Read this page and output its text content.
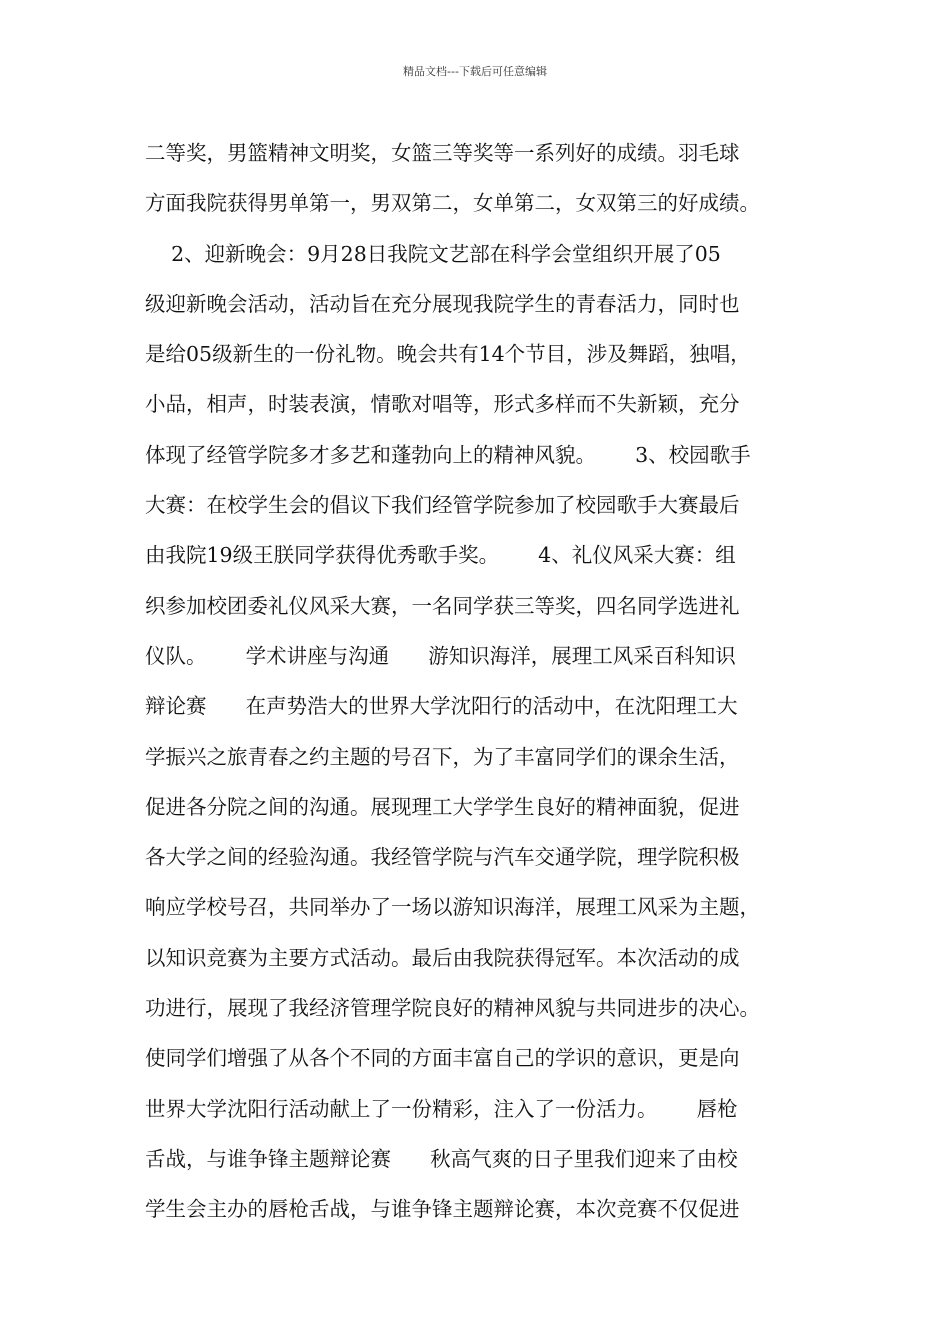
精品文档---下载后可任意编辑
二等奖，男篮精神文明奖，女篮三等奖等一系列好的成绩。羽毛球
方面我院获得男单第一，男双第二，女单第二，女双第三的好成绩。
2、迎新晚会：9月28日我院文艺部在科学会堂组织开展了05
级迎新晚会活动，活动旨在充分展现我院学生的青春活力，同时也
是给05级新生的一份礼物。晚会共有14个节目，涉及舞蹈，独唱，
小品，相声，时装表演，情歌对唱等，形式多样而不失新颖，充分
体现了经管学院多才多艺和蓬勃向上的精神风貌。      3、校园歌手
大赛：在校学生会的倡议下我们经管学院参加了校园歌手大赛最后
由我院19级王朕同学获得优秀歌手奖。      4、礼仪风采大赛：组
织参加校团委礼仪风采大赛，一名同学获三等奖，四名同学选进礼
仪队。      学术讲座与沟通      游知识海洋，展理工风采百科知识
辩论赛      在声势浩大的世界大学沈阳行的活动中，在沈阳理工大
学振兴之旅青春之约主题的号召下，为了丰富同学们的课余生活，
促进各分院之间的沟通。展现理工大学学生良好的精神面貌，促进
各大学之间的经验沟通。我经管学院与汽车交通学院，理学院积极
响应学校号召，共同举办了一场以游知识海洋，展理工风采为主题，
以知识竞赛为主要方式活动。最后由我院获得冠军。本次活动的成
功进行，展现了我经济管理学院良好的精神风貌与共同进步的决心。
使同学们增强了从各个不同的方面丰富自己的学识的意识，更是向
世界大学沈阳行活动献上了一份精彩，注入了一份活力。      唇枪
舌战，与谁争锋主题辩论赛      秋高气爽的日子里我们迎来了由校
学生会主办的唇枪舌战，与谁争锋主题辩论赛，本次竞赛不仅促进
